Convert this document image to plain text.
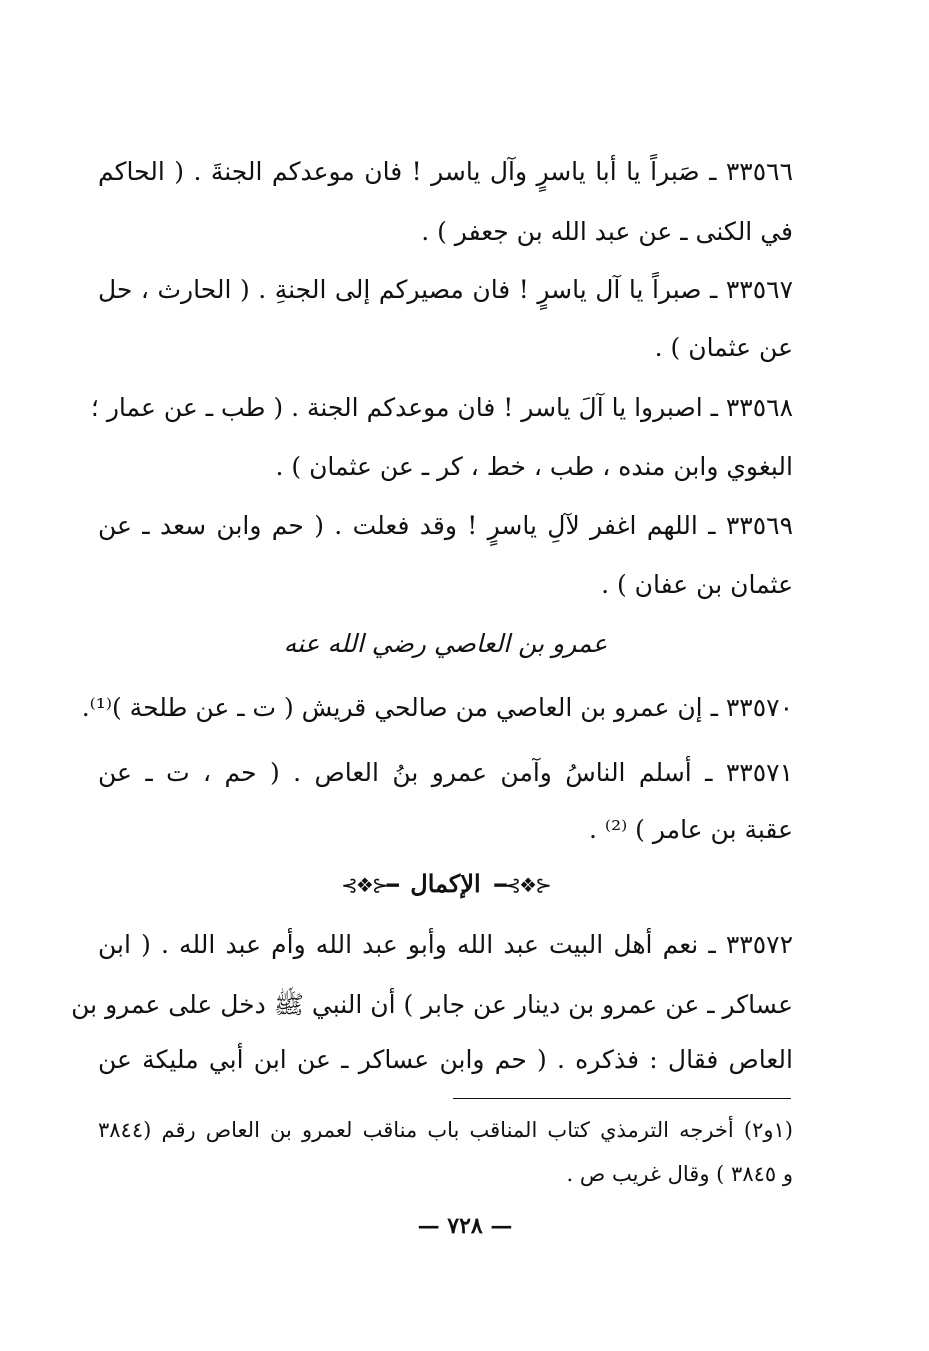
٣٣٥٦٦ ـ صَبراً يا أبا ياسرٍ وآل ياسر ! فان موعدكم الجنةَ . ( الحاكم
في الكنى ـ عن عبد الله بن جعفر ) .
٣٣٥٦٧ ـ صبراً يا آل ياسرٍ ! فان مصيركم إلى الجنةِ . ( الحارث ، حل
عن عثمان ) .
٣٣٥٦٨ ـ اصبروا يا آلَ ياسر ! فان موعدكم الجنة . ( طب ـ عن عمار ؛
البغوي وابن منده ، طب ، خط ، كر ـ عن عثمان ) .
٣٣٥٦٩ ـ اللهم اغفر لآلِ ياسرٍ ! وقد فعلت . ( حم وابن سعد ـ عن
عثمان بن عفان ) .
عمرو بن العاصي رضي الله عنه
٣٣٥٧٠ ـ إن عمرو بن العاصي من صالحي قريش ( ت ـ عن طلحة )⁽¹⁾.
٣٣٥٧١ ـ أسلم الناسُ وآمن عمرو بنُ العاص . ( حم ، ت ـ عن
عقبة بن عامر ) ⁽²⁾ .
⊰❖⊱━ الإكمال ━⊰❖⊱
٣٣٥٧٢ ـ نعم أهل البيت عبد الله وأبو عبد الله وأم عبد الله . ( ابن
عساكر ـ عن عمرو بن دينار عن جابر ) أن النبي ﷺ دخل على عمرو بن
العاص فقال : فذكره . ( حم وابن عساكر ـ عن ابن أبي مليكة عن
(١و٢) أخرجه الترمذي كتاب المناقب باب مناقب لعمرو بن العاص رقم (٣٨٤٤
و ٣٨٤٥ ) وقال غريب ص .
— ٧٢٨ —
